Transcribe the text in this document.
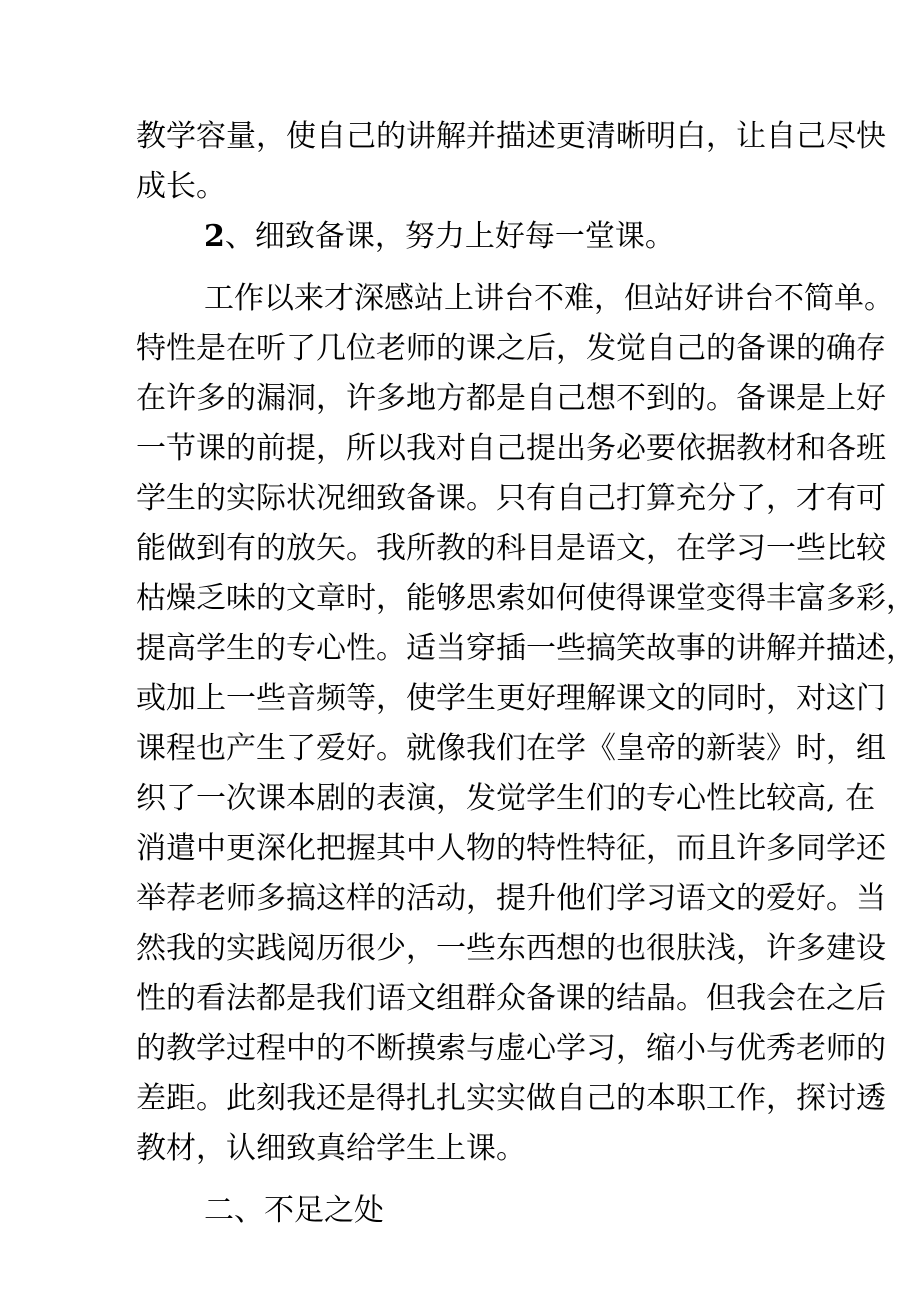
教学容量，使自己的讲解并描述更清晰明白，让自己尽快
成长。
2、细致备课，努力上好每一堂课。
工作以来才深感站上讲台不难，但站好讲台不简单。
特性是在听了几位老师的课之后，发觉自己的备课的确存
在许多的漏洞，许多地方都是自己想不到的。备课是上好
一节课的前提，所以我对自己提出务必要依据教材和各班
学生的实际状况细致备课。只有自己打算充分了，才有可
能做到有的放矢。我所教的科目是语文，在学习一些比较
枯燥乏味的文章时，能够思索如何使得课堂变得丰富多彩，
提高学生的专心性。适当穿插一些搞笑故事的讲解并描述，
或加上一些音频等，使学生更好理解课文的同时，对这门
课程也产生了爱好。就像我们在学《皇帝的新装》时，组
织了一次课本剧的表演，发觉学生们的专心性比较高, 在
消遣中更深化把握其中人物的特性特征，而且许多同学还
举荐老师多搞这样的活动，提升他们学习语文的爱好。当
然我的实践阅历很少，一些东西想的也很肤浅，许多建设
性的看法都是我们语文组群众备课的结晶。但我会在之后
的教学过程中的不断摸索与虚心学习，缩小与优秀老师的
差距。此刻我还是得扎扎实实做自己的本职工作，探讨透
教材，认细致真给学生上课。
二、不足之处
